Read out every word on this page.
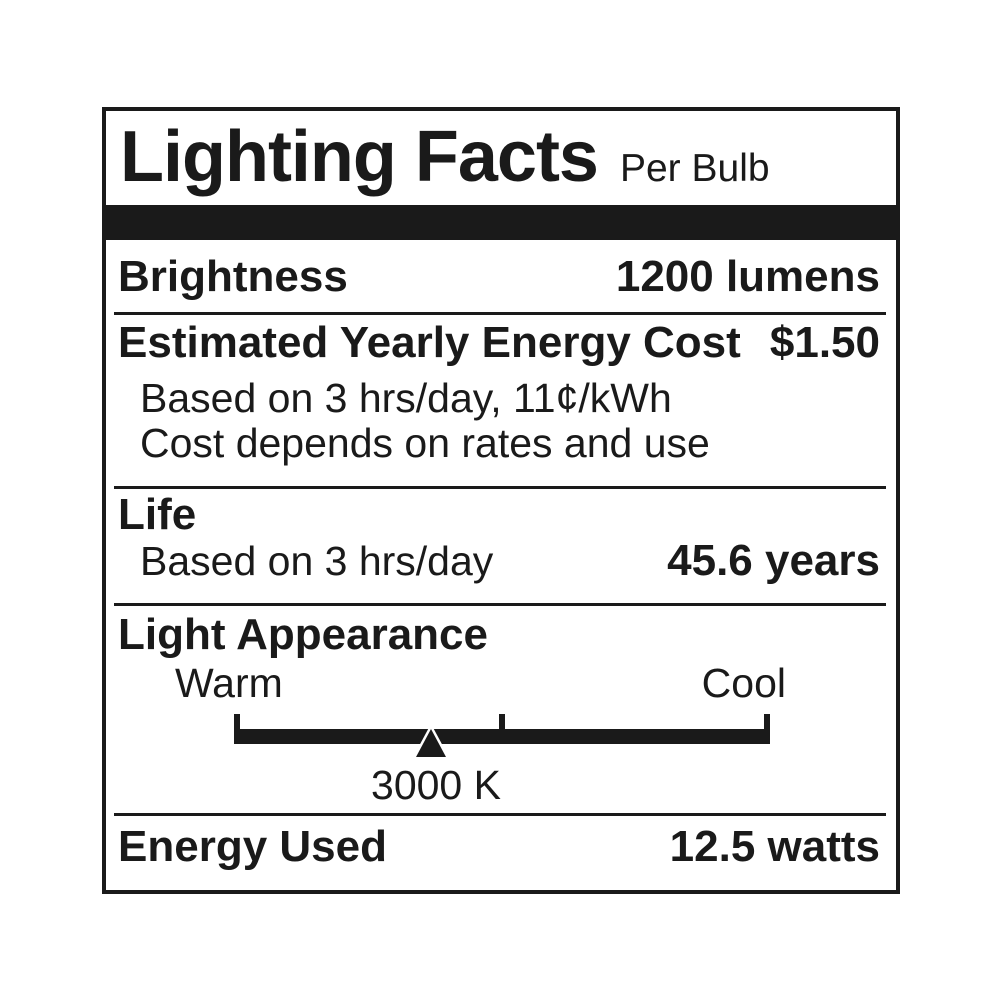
Lighting Facts Per Bulb
Brightness	1200 lumens
Estimated Yearly Energy Cost $1.50
Based on 3 hrs/day, 11¢/kWh
Cost depends on rates and use
Life
Based on 3 hrs/day	45.6 years
Light Appearance
Warm	Cool
3000 K
Energy Used	12.5 watts
